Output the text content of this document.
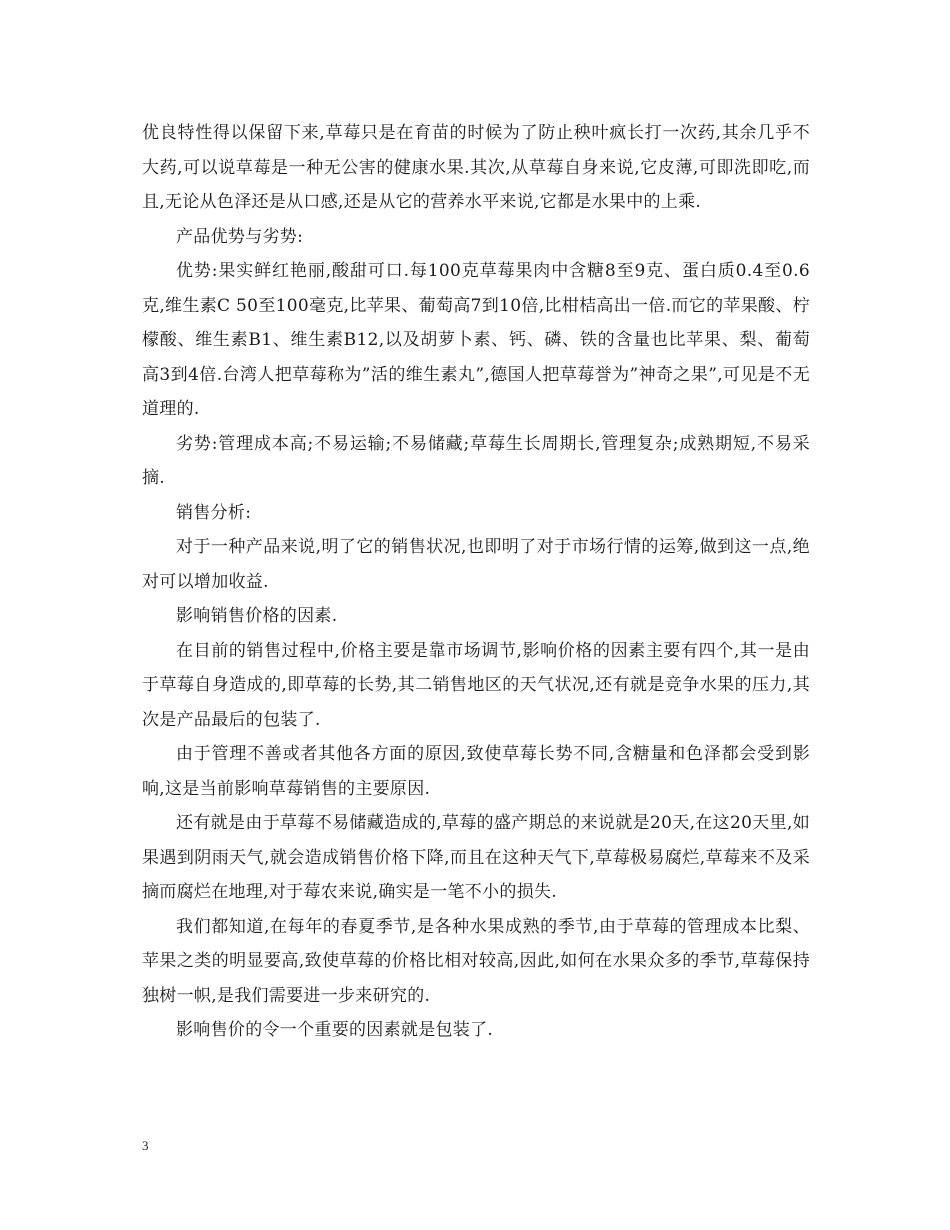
优良特性得以保留下来,草莓只是在育苗的时候为了防止秧叶疯长打一次药,其余几乎不大药,可以说草莓是一种无公害的健康水果.其次,从草莓自身来说,它皮薄,可即洗即吃,而且,无论从色泽还是从口感,还是从它的营养水平来说,它都是水果中的上乘.

产品优势与劣势:

优势:果实鲜红艳丽,酸甜可口.每100克草莓果肉中含糖8至9克、蛋白质0.4至0.6克,维生素C 50至100毫克,比苹果、葡萄高7到10倍,比柑桔高出一倍.而它的苹果酸、柠檬酸、维生素B1、维生素B12,以及胡萝卜素、钙、磷、铁的含量也比苹果、梨、葡萄高3到4倍.台湾人把草莓称为”活的维生素丸”,德国人把草莓誉为”神奇之果”,可见是不无道理的.

劣势:管理成本高;不易运输;不易储藏;草莓生长周期长,管理复杂;成熟期短,不易采摘.

销售分析:

对于一种产品来说,明了它的销售状况,也即明了对于市场行情的运筹,做到这一点,绝对可以增加收益.

影响销售价格的因素.

在目前的销售过程中,价格主要是靠市场调节,影响价格的因素主要有四个,其一是由于草莓自身造成的,即草莓的长势,其二销售地区的天气状况,还有就是竞争水果的压力,其次是产品最后的包装了.

由于管理不善或者其他各方面的原因,致使草莓长势不同,含糖量和色泽都会受到影响,这是当前影响草莓销售的主要原因.

还有就是由于草莓不易储藏造成的,草莓的盛产期总的来说就是20天,在这20天里,如果遇到阴雨天气,就会造成销售价格下降,而且在这种天气下,草莓极易腐烂,草莓来不及采摘而腐烂在地理,对于莓农来说,确实是一笔不小的损失.

我们都知道,在每年的春夏季节,是各种水果成熟的季节,由于草莓的管理成本比梨、苹果之类的明显要高,致使草莓的价格比相对较高,因此,如何在水果众多的季节,草莓保持独树一帜,是我们需要进一步来研究的.

影响售价的令一个重要的因素就是包装了.

3
